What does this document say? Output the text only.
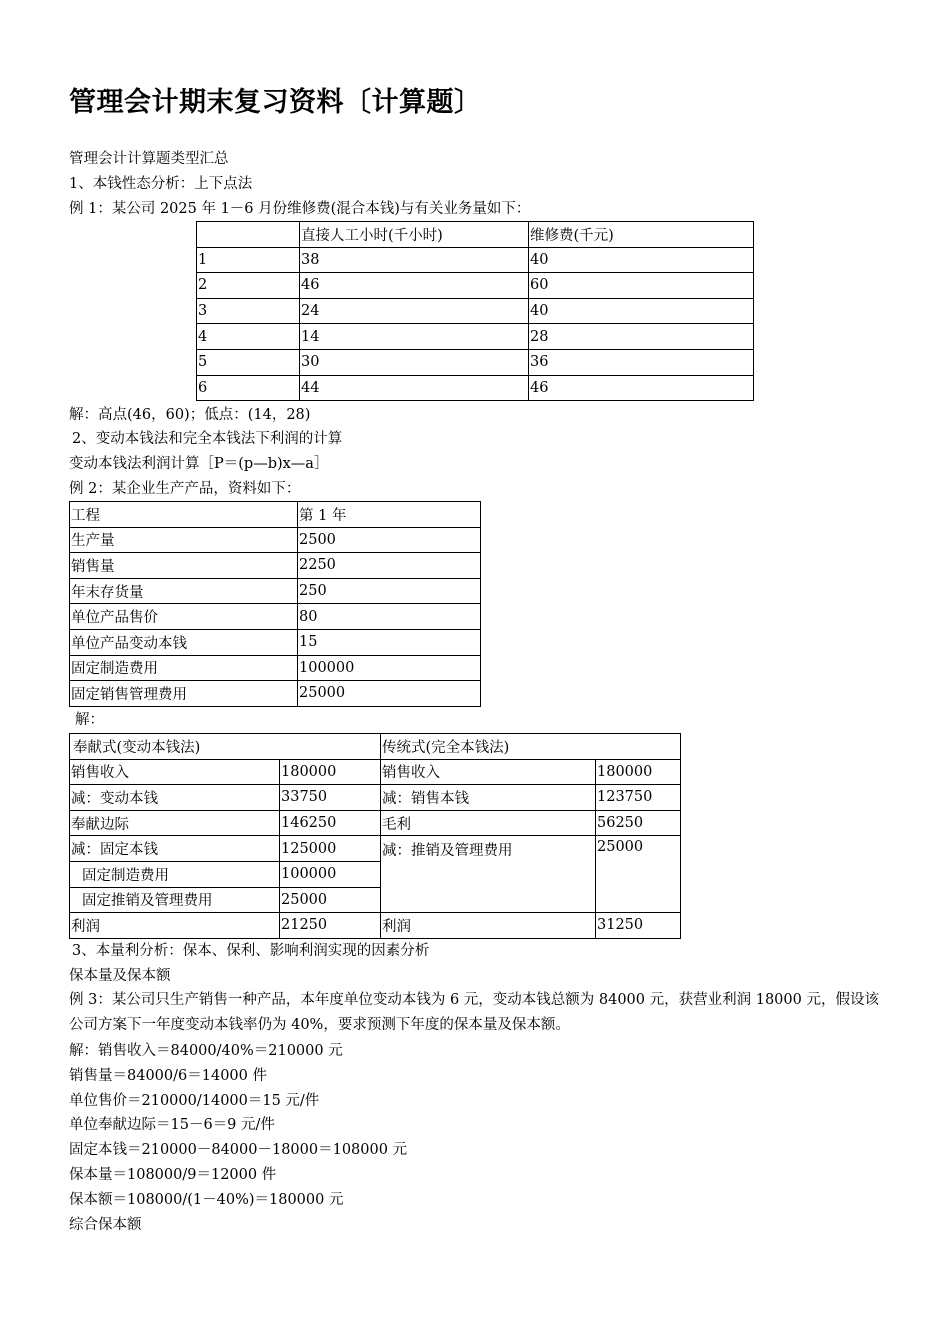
管理会计期末复习资料〔计算题〕
管理会计计算题类型汇总
1、本钱性态分析：上下点法
例 1：某公司 2025 年 1－6 月份维修费(混合本钱)与有关业务量如下：
	直接人工小时(千小时)	维修费(千元)
1	38	40
2	46	60
3	24	40
4	14	28
5	30	36
6	44	46
解：高点(46，60)；低点：(14，28)
2、变动本钱法和完全本钱法下利润的计算
变动本钱法利润计算［P＝(p—b)x—a］
例 2：某企业生产产品，资料如下：
工程	第 1 年
生产量	2500
销售量	2250
年末存货量	250
单位产品售价	80
单位产品变动本钱	15
固定制造费用	100000
固定销售管理费用	25000
解：
奉献式(变动本钱法)		传统式(完全本钱法)	
销售收入	180000	销售收入	180000
减：变动本钱	33750	减：销售本钱	123750
奉献边际	146250	毛利	56250
减：固定本钱	125000	减：推销及管理费用	25000
固定制造费用	100000		
固定推销及管理费用	25000		
利润	21250	利润	31250
3、本量利分析：保本、保利、影响利润实现的因素分析
保本量及保本额
例 3：某公司只生产销售一种产品，本年度单位变动本钱为 6 元，变动本钱总额为 84000 元，获营业利润 18000 元，假设该公司方案下一年度变动本钱率仍为 40%，要求预测下年度的保本量及保本额。
解：销售收入＝84000/40%＝210000 元
销售量＝84000/6＝14000 件
单位售价＝210000/14000＝15 元/件
单位奉献边际＝15－6＝9 元/件
固定本钱＝210000－84000－18000＝108000 元
保本量＝108000/9＝12000 件
保本额＝108000/(1－40%)＝180000 元
综合保本额
